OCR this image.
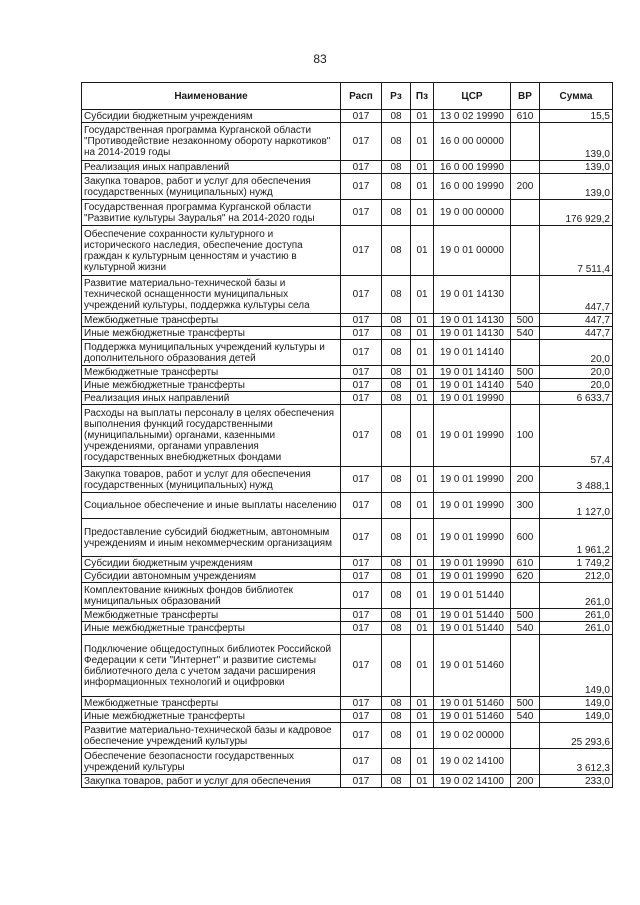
83
Наименование	Расп	Рз	Пз	ЦСР	ВР	Сумма
Субсидии бюджетным учреждениям	017	08	01	13 0 02 19990	610	15,5
Государственная программа Курганской области "Противодействие незаконному обороту наркотиков" на 2014-2019 годы	017	08	01	16 0 00 00000		139,0
Реализация иных направлений	017	08	01	16 0 00 19990		139,0
Закупка товаров, работ и услуг для обеспечения государственных (муниципальных) нужд	017	08	01	16 0 00 19990	200	139,0
Государственная программа Курганской области "Развитие культуры Зауралья" на 2014-2020 годы	017	08	01	19 0 00 00000		176 929,2
Обеспечение сохранности культурного и исторического наследия, обеспечение доступа граждан к культурным ценностям и участию в культурной жизни	017	08	01	19 0 01 00000		7 511,4
Развитие материально-технической базы и технической оснащенности муниципальных учреждений культуры, поддержка культуры села	017	08	01	19 0 01 14130		447,7
Межбюджетные трансферты	017	08	01	19 0 01 14130	500	447,7
Иные межбюджетные трансферты	017	08	01	19 0 01 14130	540	447,7
Поддержка муниципальных учреждений культуры и дополнительного образования детей	017	08	01	19 0 01 14140		20,0
Межбюджетные трансферты	017	08	01	19 0 01 14140	500	20,0
Иные межбюджетные трансферты	017	08	01	19 0 01 14140	540	20,0
Реализация иных направлений	017	08	01	19 0 01 19990		6 633,7
Расходы на выплаты персоналу в целях обеспечения выполнения функций государственными (муниципальными) органами, казенными учреждениями, органами управления государственных внебюджетных фондами	017	08	01	19 0 01 19990	100	57,4
Закупка товаров, работ и услуг для обеспечения государственных (муниципальных) нужд	017	08	01	19 0 01 19990	200	3 488,1
Социальное обеспечение и иные выплаты населению	017	08	01	19 0 01 19990	300	1 127,0
Предоставление субсидий бюджетным, автономным учреждениям и иным некоммерческим организациям	017	08	01	19 0 01 19990	600	1 961,2
Субсидии бюджетным учреждениям	017	08	01	19 0 01 19990	610	1 749,2
Субсидии автономным учреждениям	017	08	01	19 0 01 19990	620	212,0
Комплектование книжных фондов библиотек муниципальных образований	017	08	01	19 0 01 51440		261,0
Межбюджетные трансферты	017	08	01	19 0 01 51440	500	261,0
Иные межбюджетные трансферты	017	08	01	19 0 01 51440	540	261,0
Подключение общедоступных библиотек Российской Федерации к сети "Интернет" и развитие системы библиотечного дела с учетом задачи расширения информационных технологий и оцифровки	017	08	01	19 0 01 51460		149,0
Межбюджетные трансферты	017	08	01	19 0 01 51460	500	149,0
Иные межбюджетные трансферты	017	08	01	19 0 01 51460	540	149,0
Развитие материально-технической базы и кадровое обеспечение учреждений культуры	017	08	01	19 0 02 00000		25 293,6
Обеспечение безопасности государственных учреждений культуры	017	08	01	19 0 02 14100		3 612,3
Закупка товаров, работ и услуг для обеспечения	017	08	01	19 0 02 14100	200	233,0
